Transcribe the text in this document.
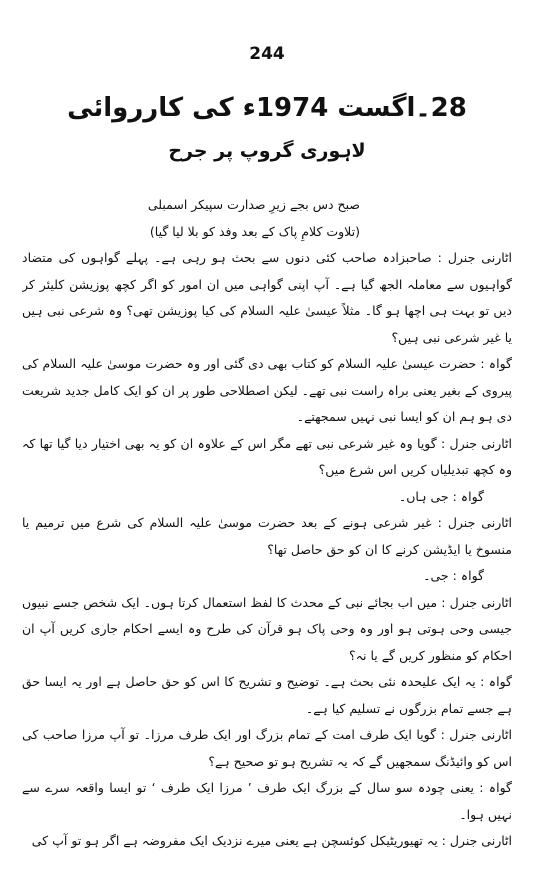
244
28۔اگست 1974ء کی کارروائی
لاہوری گروپ پر جرح

صبح دس بجے زیرِ صدارت سپیکر اسمبلی

(تلاوت کلامِ پاک کے بعد وفد کو بلا لیا گیا)

اٹارنی جنرل : صاحبزادہ صاحب کئی دنوں سے بحث ہو رہی ہے۔ پہلے گواہوں کی متضاد گواہیوں سے معاملہ الجھ گیا ہے۔ آپ اپنی گواہی میں ان امور کو اگر کچھ پوزیشن کلیئر کر دیں تو بہت ہی اچھا ہو گا۔ مثلاً عیسیٰ علیہ السلام کی کیا پوزیشن تھی؟ وہ شرعی نبی ہیں یا غیر شرعی نبی ہیں؟

گواہ : حضرت عیسیٰ علیہ السلام کو کتاب بھی دی گئی اور وہ حضرت موسیٰ علیہ السلام کی پیروی کے بغیر یعنی براہ راست نبی تھے۔ لیکن اصطلاحی طور پر ان کو ایک کامل جدید شریعت دی ہو ہم ان کو ایسا نبی نہیں سمجھتے۔

اٹارنی جنرل : گویا وہ غیر شرعی نبی تھے مگر اس کے علاوہ ان کو یہ بھی اختیار دیا گیا تھا کہ وہ کچھ تبدیلیاں کریں اس شرع میں؟

گواہ : جی ہاں۔

اٹارنی جنرل : غیر شرعی ہونے کے بعد حضرت موسیٰ علیہ السلام کی شرع میں ترمیم یا منسوخ یا ایڈیشن کرنے کا ان کو حق حاصل تھا؟

گواہ : جی۔

اٹارنی جنرل : میں اب بجائے نبی کے محدث کا لفظ استعمال کرتا ہوں۔ ایک شخص جسے نبیوں جیسی وحی ہوتی ہو اور وہ وحی پاک ہو قرآن کی طرح وہ ایسے احکام جاری کریں آپ ان احکام کو منظور کریں گے یا نہ؟

گواہ : یہ ایک علیحدہ نئی بحث ہے۔ توضیح و تشریح کا اس کو حق حاصل ہے اور یہ ایسا حق ہے جسے تمام بزرگوں نے تسلیم کیا ہے۔

اٹارنی جنرل : گویا ایک طرف امت کے تمام بزرگ اور ایک طرف مرزا۔ تو آپ مرزا صاحب کی اس کو وائیڈنگ سمجھیں گے کہ یہ تشریح ہو تو صحیح ہے؟

گواہ : یعنی چودہ سو سال کے بزرگ ایک طرف ’ مرزا ایک طرف ‘ تو ایسا واقعہ سرے سے نہیں ہوا۔

اٹارنی جنرل : یہ تھیوریٹیکل کوئسچن ہے یعنی میرے نزدیک ایک مفروضہ ہے اگر ہو تو آپ کی
